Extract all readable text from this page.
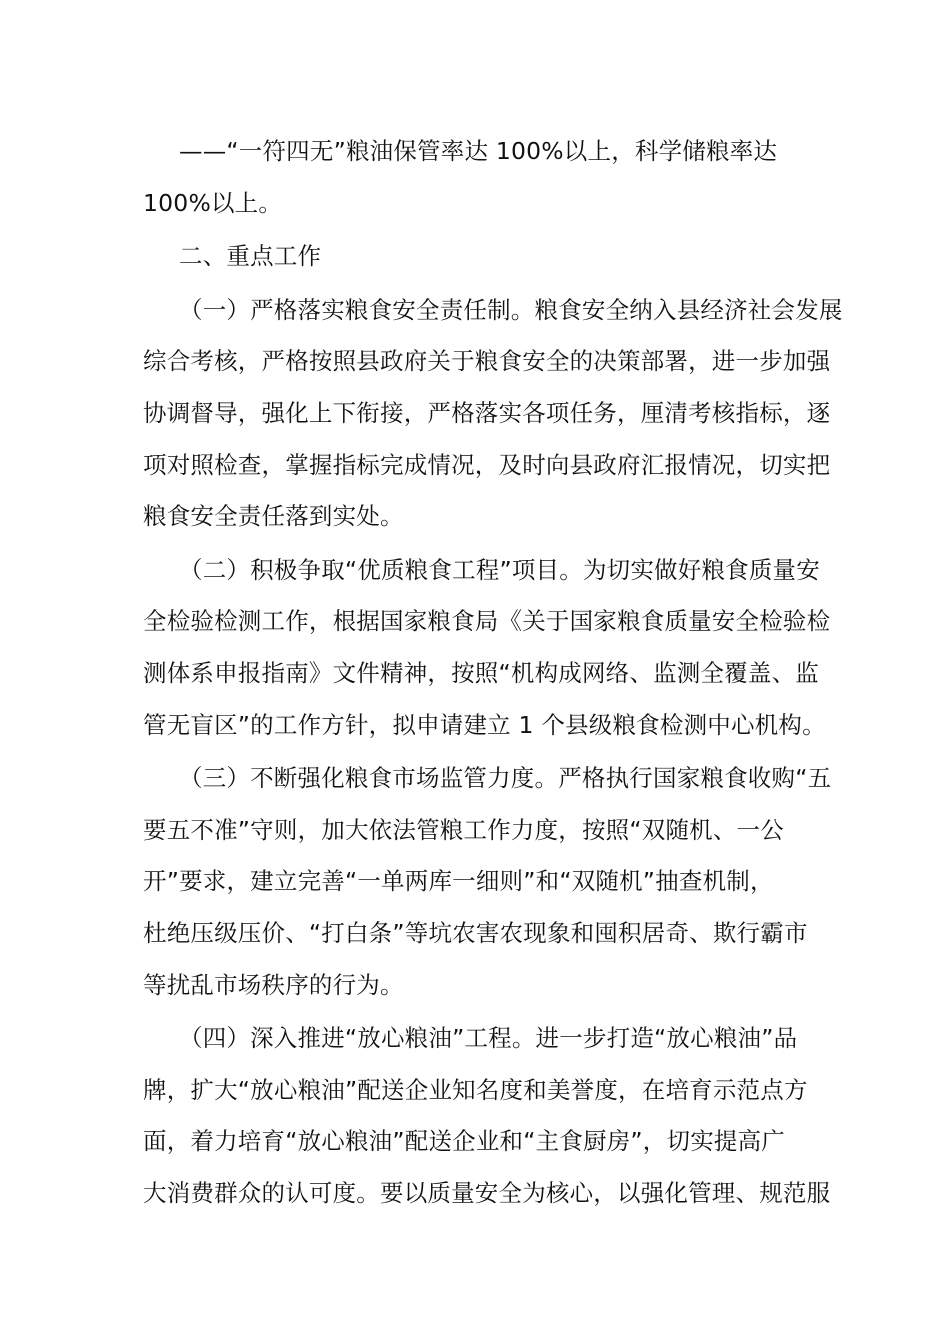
——“一符四无”粮油保管率达 100%以上，科学储粮率达
100%以上。
二、重点工作
（一）严格落实粮食安全责任制。粮食安全纳入县经济社会发展
综合考核，严格按照县政府关于粮食安全的决策部署，进一步加强
协调督导，强化上下衔接，严格落实各项任务，厘清考核指标，逐
项对照检查，掌握指标完成情况，及时向县政府汇报情况，切实把
粮食安全责任落到实处。
（二）积极争取“优质粮食工程”项目。为切实做好粮食质量安
全检验检测工作，根据国家粮食局《关于国家粮食质量安全检验检
测体系申报指南》文件精神，按照“机构成网络、监测全覆盖、监
管无盲区”的工作方针，拟申请建立 1 个县级粮食检测中心机构。
（三）不断强化粮食市场监管力度。严格执行国家粮食收购“五
要五不准”守则，加大依法管粮工作力度，按照“双随机、一公
开”要求，建立完善“一单两库一细则”和“双随机”抽查机制，
杜绝压级压价、“打白条”等坑农害农现象和囤积居奇、欺行霸市
等扰乱市场秩序的行为。
（四）深入推进“放心粮油”工程。进一步打造“放心粮油”品
牌，扩大“放心粮油”配送企业知名度和美誉度，在培育示范点方
面，着力培育“放心粮油”配送企业和“主食厨房”，切实提高广
大消费群众的认可度。要以质量安全为核心，以强化管理、规范服
